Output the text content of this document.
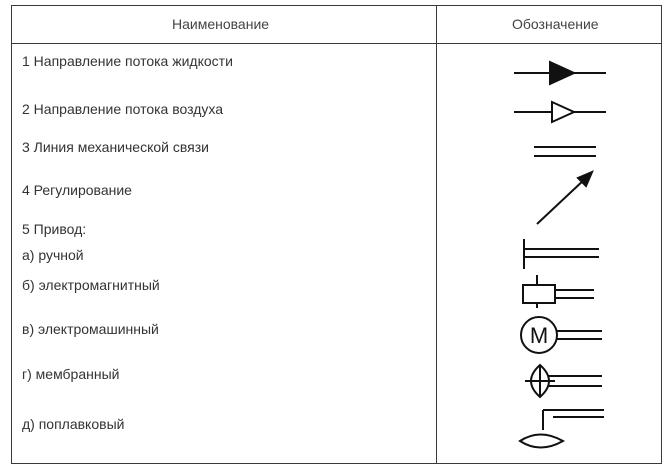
Наименование	Обозначение
1 Направление потока жидкости
2 Направление потока воздуха
3 Линия механической связи
4 Регулирование
5 Привод:
а) ручной
б) электромагнитный
в) электромашинный
г) мембранный
д) поплавковый
M
